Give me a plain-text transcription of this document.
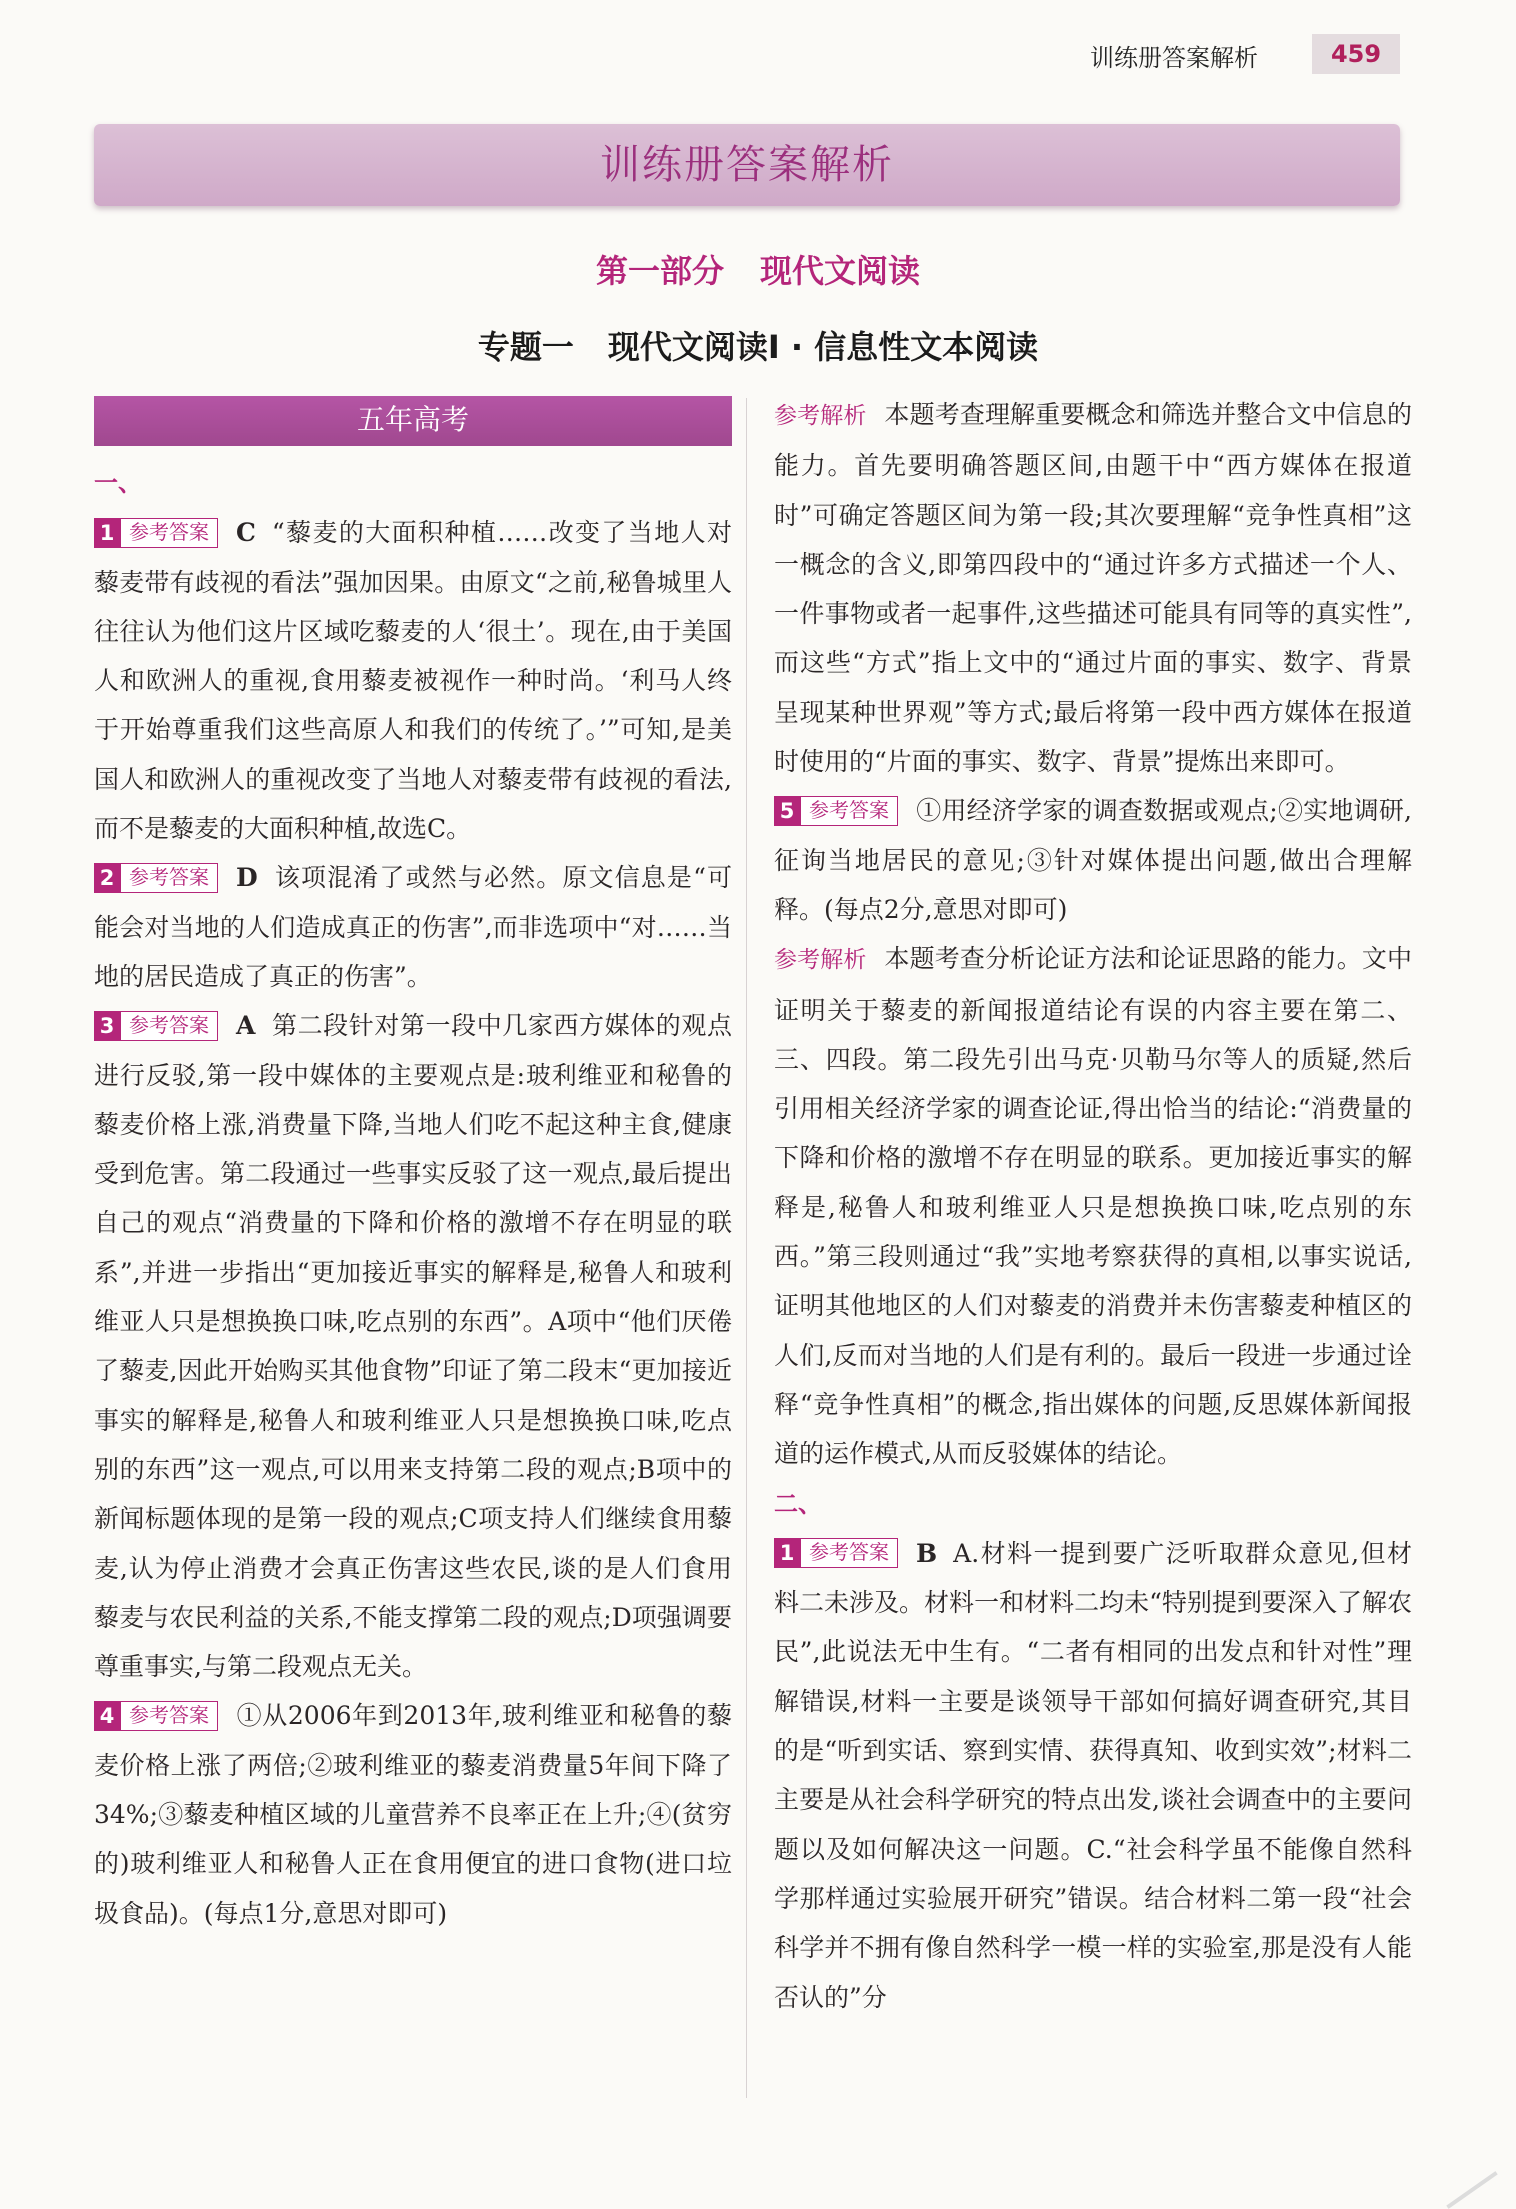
训练册答案解析	459
训练册答案解析
第一部分 现代文阅读
专题一 现代文阅读Ⅰ · 信息性文本阅读
五年高考

一、

1 参考答案	C “藜麦的大面积种植……改变了当地人对藜麦带有歧视的看法”强加因果。由原文“之前,秘鲁城里人往往认为他们这片区域吃藜麦的人‘很土’。现在,由于美国人和欧洲人的重视,食用藜麦被视作一种时尚。‘利马人终于开始尊重我们这些高原人和我们的传统了。’”可知,是美国人和欧洲人的重视改变了当地人对藜麦带有歧视的看法,而不是藜麦的大面积种植,故选C。

2 参考答案	D 该项混淆了或然与必然。原文信息是“可能会对当地的人们造成真正的伤害”,而非选项中“对……当地的居民造成了真正的伤害”。

3 参考答案	A 第二段针对第一段中几家西方媒体的观点进行反驳,第一段中媒体的主要观点是:玻利维亚和秘鲁的藜麦价格上涨,消费量下降,当地人们吃不起这种主食,健康受到危害。第二段通过一些事实反驳了这一观点,最后提出自己的观点“消费量的下降和价格的激增不存在明显的联系”,并进一步指出“更加接近事实的解释是,秘鲁人和玻利维亚人只是想换换口味,吃点别的东西”。A项中“他们厌倦了藜麦,因此开始购买其他食物”印证了第二段末“更加接近事实的解释是,秘鲁人和玻利维亚人只是想换换口味,吃点别的东西”这一观点,可以用来支持第二段的观点;B项中的新闻标题体现的是第一段的观点;C项支持人们继续食用藜麦,认为停止消费才会真正伤害这些农民,谈的是人们食用藜麦与农民利益的关系,不能支撑第二段的观点;D项强调要尊重事实,与第二段观点无关。

4 参考答案	①从2006年到2013年,玻利维亚和秘鲁的藜麦价格上涨了两倍;②玻利维亚的藜麦消费量5年间下降了34%;③藜麦种植区域的儿童营养不良率正在上升;④(贫穷的)玻利维亚人和秘鲁人正在食用便宜的进口食物(进口垃圾食品)。(每点1分,意思对即可)

参考解析 本题考查理解重要概念和筛选并整合文中信息的能力。首先要明确答题区间,由题干中“西方媒体在报道时”可确定答题区间为第一段;其次要理解“竞争性真相”这一概念的含义,即第四段中的“通过许多方式描述一个人、一件事物或者一起事件,这些描述可能具有同等的真实性”,而这些“方式”指上文中的“通过片面的事实、数字、背景呈现某种世界观”等方式;最后将第一段中西方媒体在报道时使用的“片面的事实、数字、背景”提炼出来即可。

5 参考答案	①用经济学家的调查数据或观点;②实地调研,征询当地居民的意见;③针对媒体提出问题,做出合理解释。(每点2分,意思对即可)

参考解析 本题考查分析论证方法和论证思路的能力。文中证明关于藜麦的新闻报道结论有误的内容主要在第二、三、四段。第二段先引出马克·贝勒马尔等人的质疑,然后引用相关经济学家的调查论证,得出恰当的结论:“消费量的下降和价格的激增不存在明显的联系。更加接近事实的解释是,秘鲁人和玻利维亚人只是想换换口味,吃点别的东西。”第三段则通过“我”实地考察获得的真相,以事实说话,证明其他地区的人们对藜麦的消费并未伤害藜麦种植区的人们,反而对当地的人们是有利的。最后一段进一步通过诠释“竞争性真相”的概念,指出媒体的问题,反思媒体新闻报道的运作模式,从而反驳媒体的结论。

二、

1 参考答案	B A.材料一提到要广泛听取群众意见,但材料二未涉及。材料一和材料二均未“特别提到要深入了解农民”,此说法无中生有。“二者有相同的出发点和针对性”理解错误,材料一主要是谈领导干部如何搞好调查研究,其目的是“听到实话、察到实情、获得真知、收到实效”;材料二主要是从社会科学研究的特点出发,谈社会调查中的主要问题以及如何解决这一问题。C.“社会科学虽不能像自然科学那样通过实验展开研究”错误。结合材料二第一段“社会科学并不拥有像自然科学一模一样的实验室,那是没有人能否认的”分
